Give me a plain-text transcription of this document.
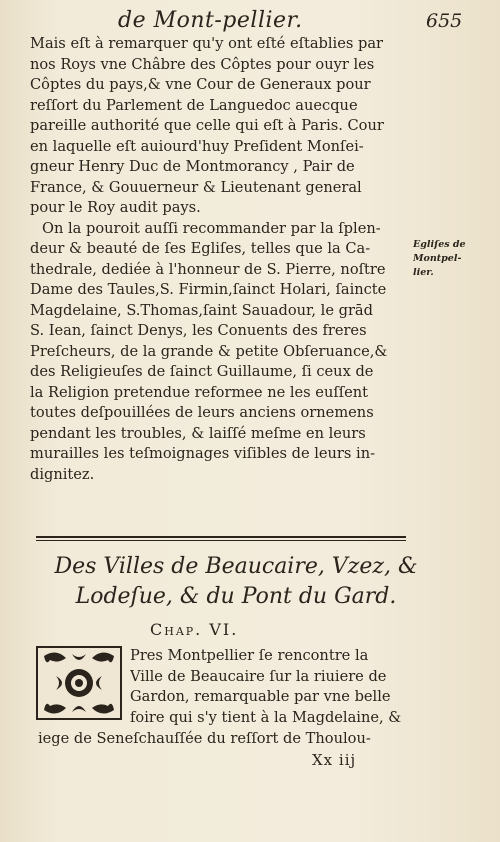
de Mont-pellier.	655
Mais eſt à remarquer qu'y ont eſté eſtablies par
nos Roys vne Châbre des Côptes pour ouyr les
Côptes du pays,& vne Cour de Generaux pour
reſſort du Parlement de Languedoc auecque
pareille authorité que celle qui eſt à Paris. Cour
en laquelle eſt auiourd'huy Preſident Monſei-
gneur Henry Duc de Montmorancy , Pair de
France, & Gouuerneur & Lieutenant general
pour le Roy audit pays.
On la pouroit auſſi recommander par la ſplen-
deur & beauté de ſes Egliſes, telles que la Ca-
thedrale, dediée à l'honneur de S. Pierre, noſtre
Dame des Taules,S. Firmin,ſainct Holari, ſaincte
Magdelaine, S.Thomas,ſaint Sauadour, le grād
S. Iean, ſainct Denys, les Conuents des freres
Preſcheurs, de la grande & petite Obſeruance,&
des Religieuſes de ſainct Guillaume, ſi ceux de
la Religion pretendue reformee ne les euſſent
toutes deſpouillées de leurs anciens ornemens
pendant les troubles, & laiſſé meſme en leurs
murailles les teſmoignages viſibles de leurs in-
dignitez.
Egliſes de
Montpel-
lier.
Des Villes de Beaucaire, Vzez, &
Lodeſue, & du Pont du Gard.
Chap. VI.
Pres Montpellier ſe rencontre la
Ville de Beaucaire ſur la riuiere de
Gardon, remarquable par vne belle
foire qui s'y tient à la Magdelaine, &
iege de Seneſchauſſée du reſſort de Thoulou-
Xx iij
